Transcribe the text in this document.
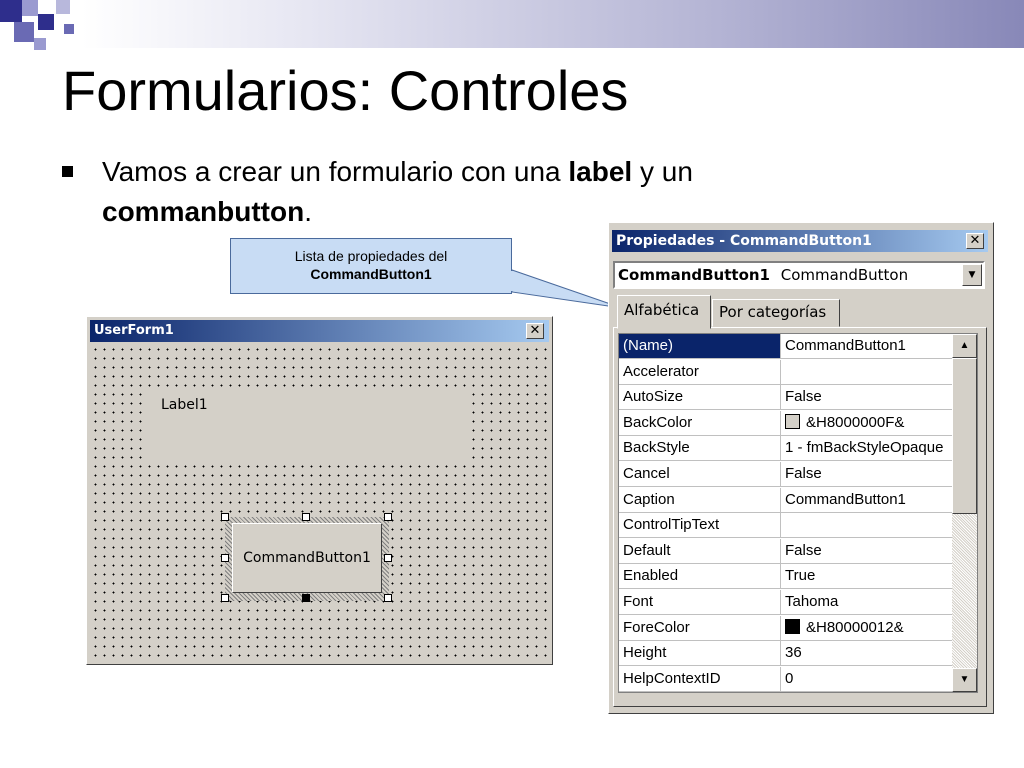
Formularios: Controles
Vamos a crear un formulario con una label y un
commanbutton.
Lista de propiedades del
CommandButton1
UserForm1	✕
Label1
CommandButton1
Propiedades - CommandButton1	✕
CommandButton1 CommandButton	▼
Alfabética	Por categorías
(Name)	CommandButton1
Accelerator
AutoSize	False
BackColor	&H8000000F&
BackStyle	1 - fmBackStyleOpaque
Cancel	False
Caption	CommandButton1
ControlTipText
Default	False
Enabled	True
Font	Tahoma
ForeColor	&H80000012&
Height	36
HelpContextID	0
▲
▼
